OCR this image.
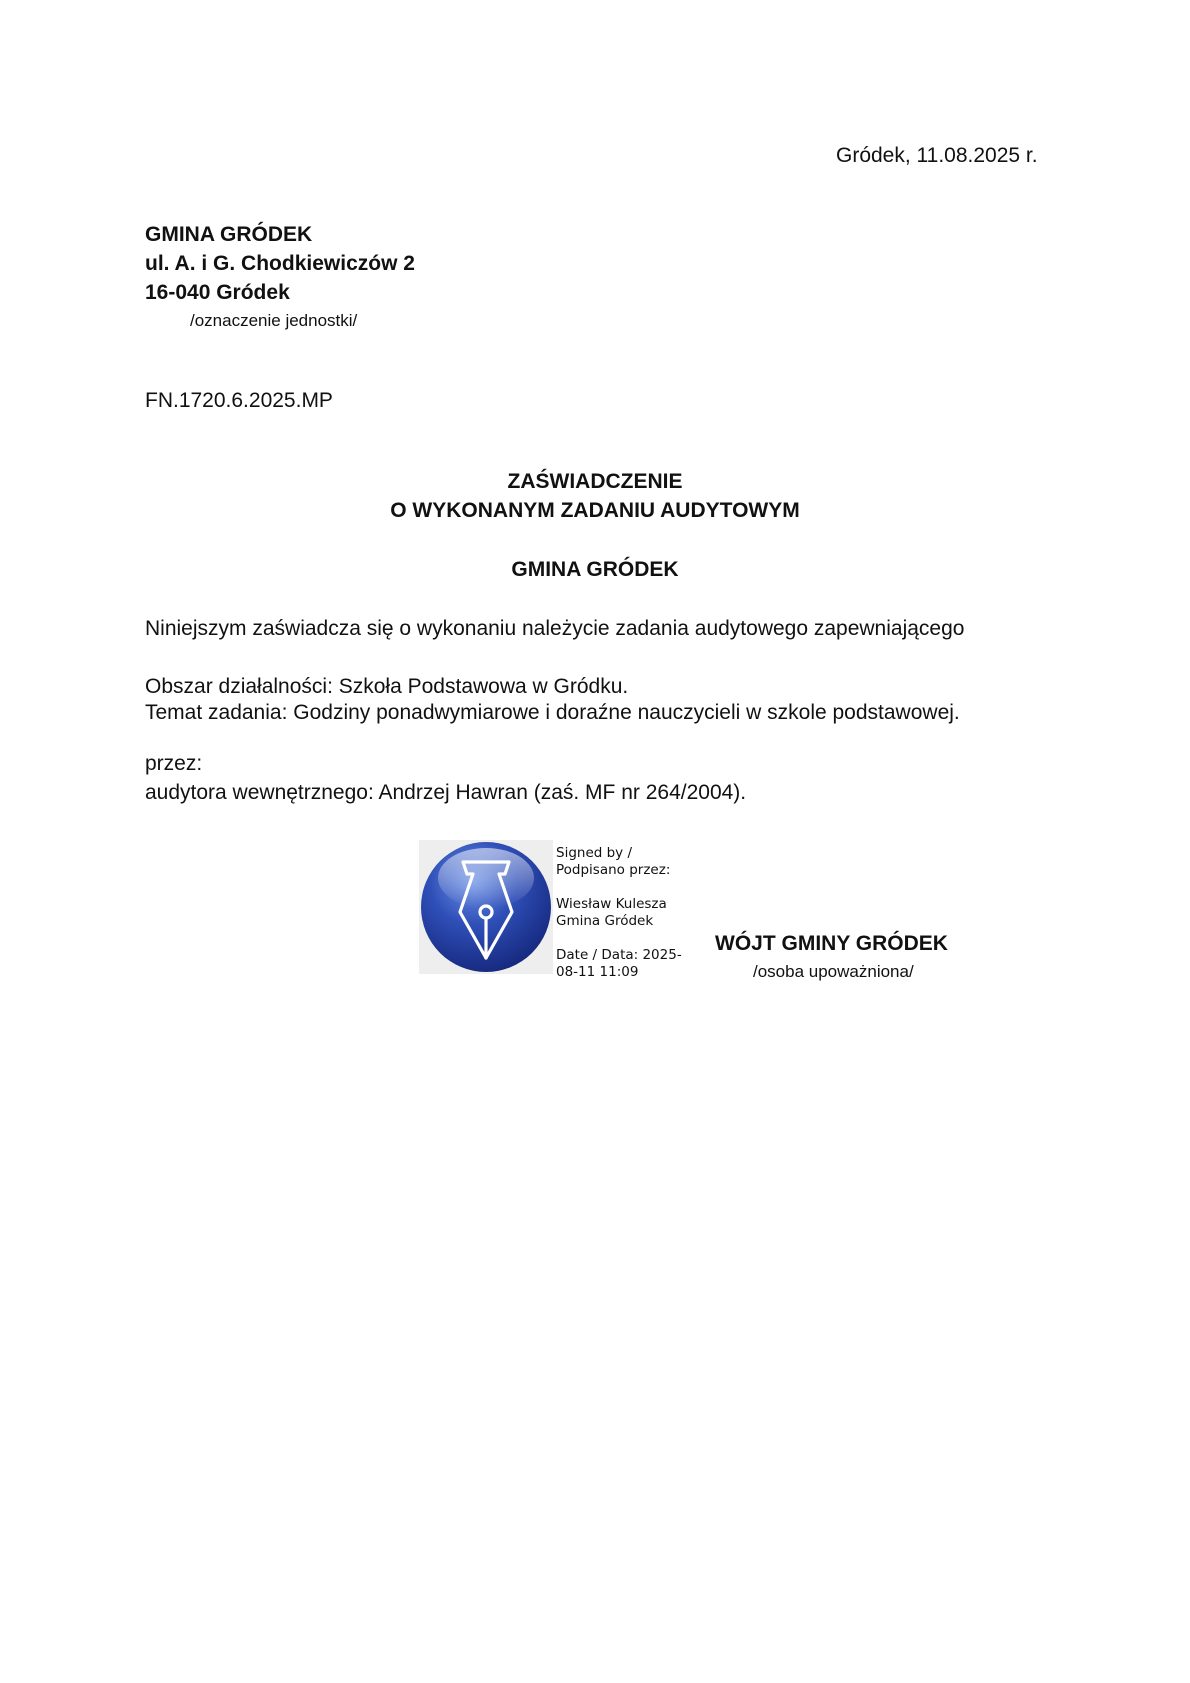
Gródek, 11.08.2025 r.
GMINA GRÓDEK
ul. A. i G. Chodkiewiczów 2
16-040 Gródek
/oznaczenie jednostki/
FN.1720.6.2025.MP
ZAŚWIADCZENIE
O WYKONANYM ZADANIU AUDYTOWYM
GMINA GRÓDEK
Niniejszym zaświadcza się o wykonaniu należycie zadania audytowego zapewniającego
Obszar działalności: Szkoła Podstawowa w Gródku.
Temat zadania: Godziny ponadwymiarowe i doraźne nauczycieli w szkole podstawowej.
przez:
audytora wewnętrznego: Andrzej Hawran (zaś. MF nr 264/2004).
Signed by /
Podpisano przez:
Wiesław Kulesza
Gmina Gródek
Date / Data: 2025-
08-11 11:09
WÓJT GMINY GRÓDEK
/osoba upoważniona/
